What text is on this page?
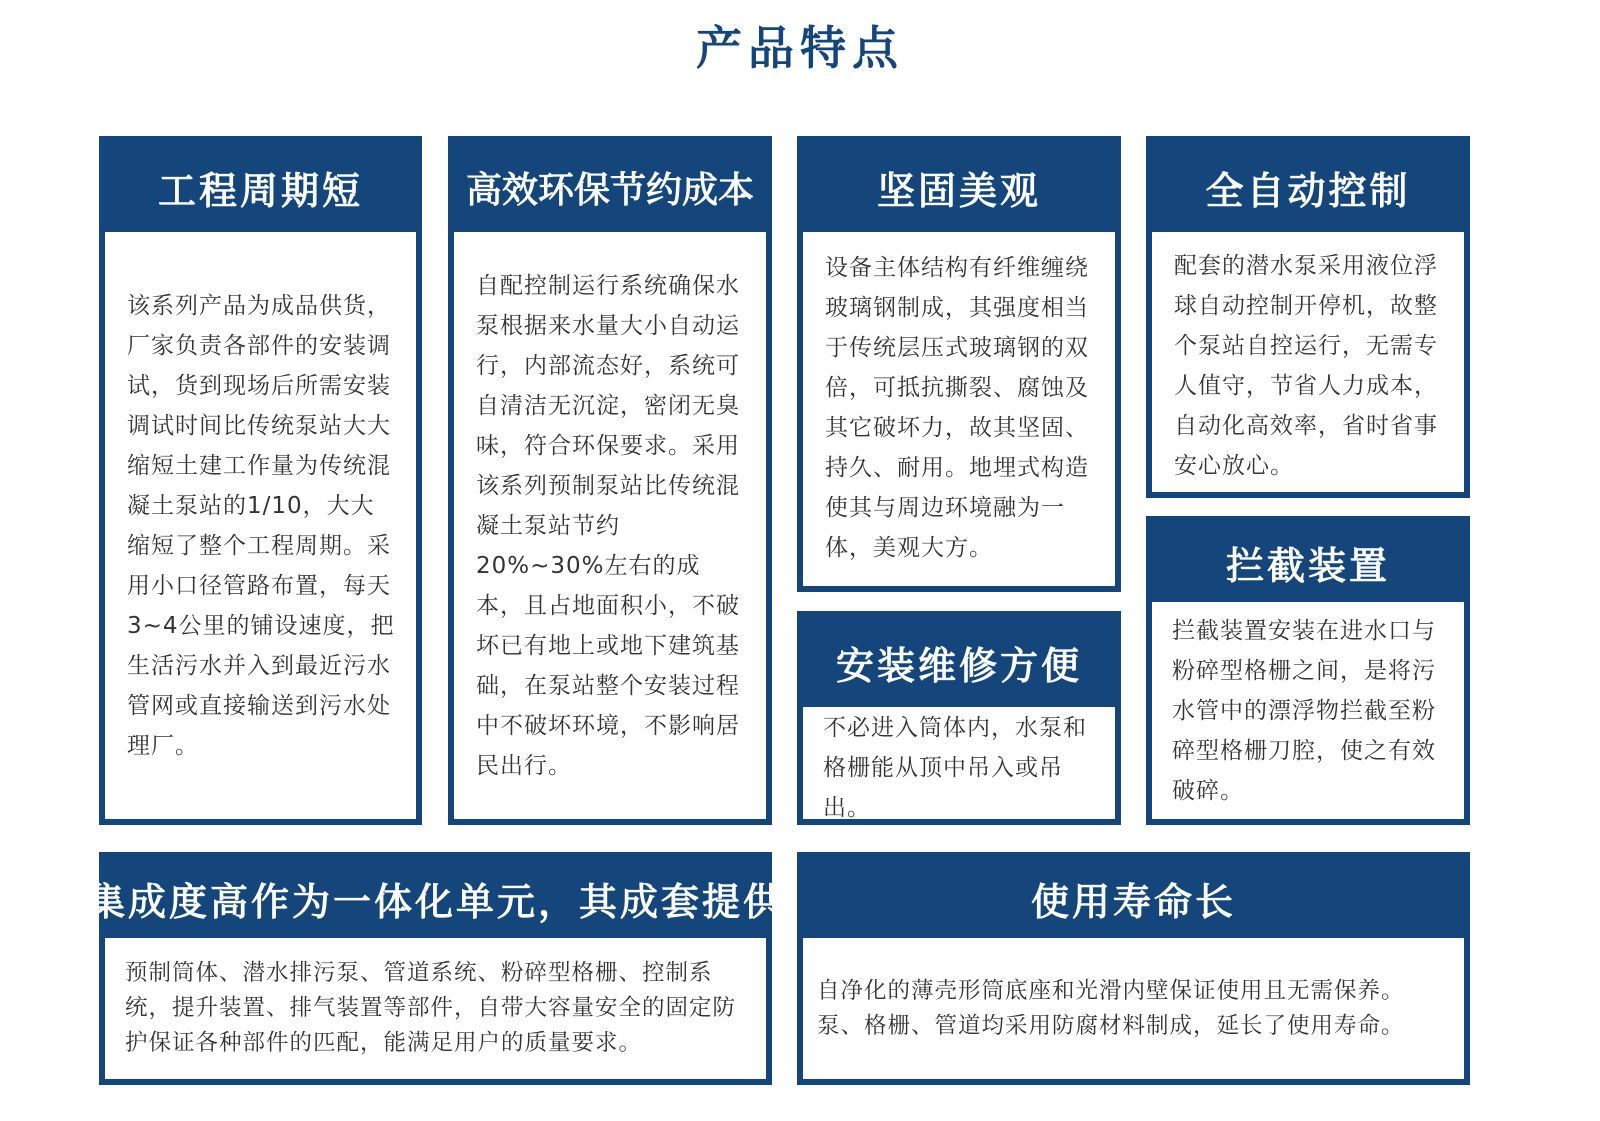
产品特点
工程周期短
该系列产品为成品供货，厂家负责各部件的安装调试，货到现场后所需安装调试时间比传统泵站大大缩短土建工作量为传统混凝土泵站的1/10，大大缩短了整个工程周期。采用小口径管路布置，每天3~4公里的铺设速度，把生活污水并入到最近污水管网或直接输送到污水处理厂。
高效环保节约成本
自配控制运行系统确保水泵根据来水量大小自动运行，内部流态好，系统可自清洁无沉淀，密闭无臭味，符合环保要求。采用该系列预制泵站比传统混凝土泵站节约20%~30%左右的成本，且占地面积小，不破坏已有地上或地下建筑基础，在泵站整个安装过程中不破坏环境，不影响居民出行。
坚固美观
设备主体结构有纤维缠绕玻璃钢制成，其强度相当于传统层压式玻璃钢的双倍，可抵抗撕裂、腐蚀及其它破坏力，故其坚固、持久、耐用。地埋式构造使其与周边环境融为一体，美观大方。
全自动控制
配套的潜水泵采用液位浮球自动控制开停机，故整个泵站自控运行，无需专人值守，节省人力成本，自动化高效率，省时省事安心放心。
安装维修方便
不必进入筒体内，水泵和格栅能从顶中吊入或吊出。
拦截装置
拦截装置安装在进水口与粉碎型格栅之间，是将污水管中的漂浮物拦截至粉碎型格栅刀腔，使之有效破碎。
集成度高作为一体化单元，其成套提供
预制筒体、潜水排污泵、管道系统、粉碎型格栅、控制系统，提升装置、排气装置等部件，自带大容量安全的固定防护保证各种部件的匹配，能满足用户的质量要求。
使用寿命长
自净化的薄壳形筒底座和光滑内壁保证使用且无需保养。泵、格栅、管道均采用防腐材料制成，延长了使用寿命。
